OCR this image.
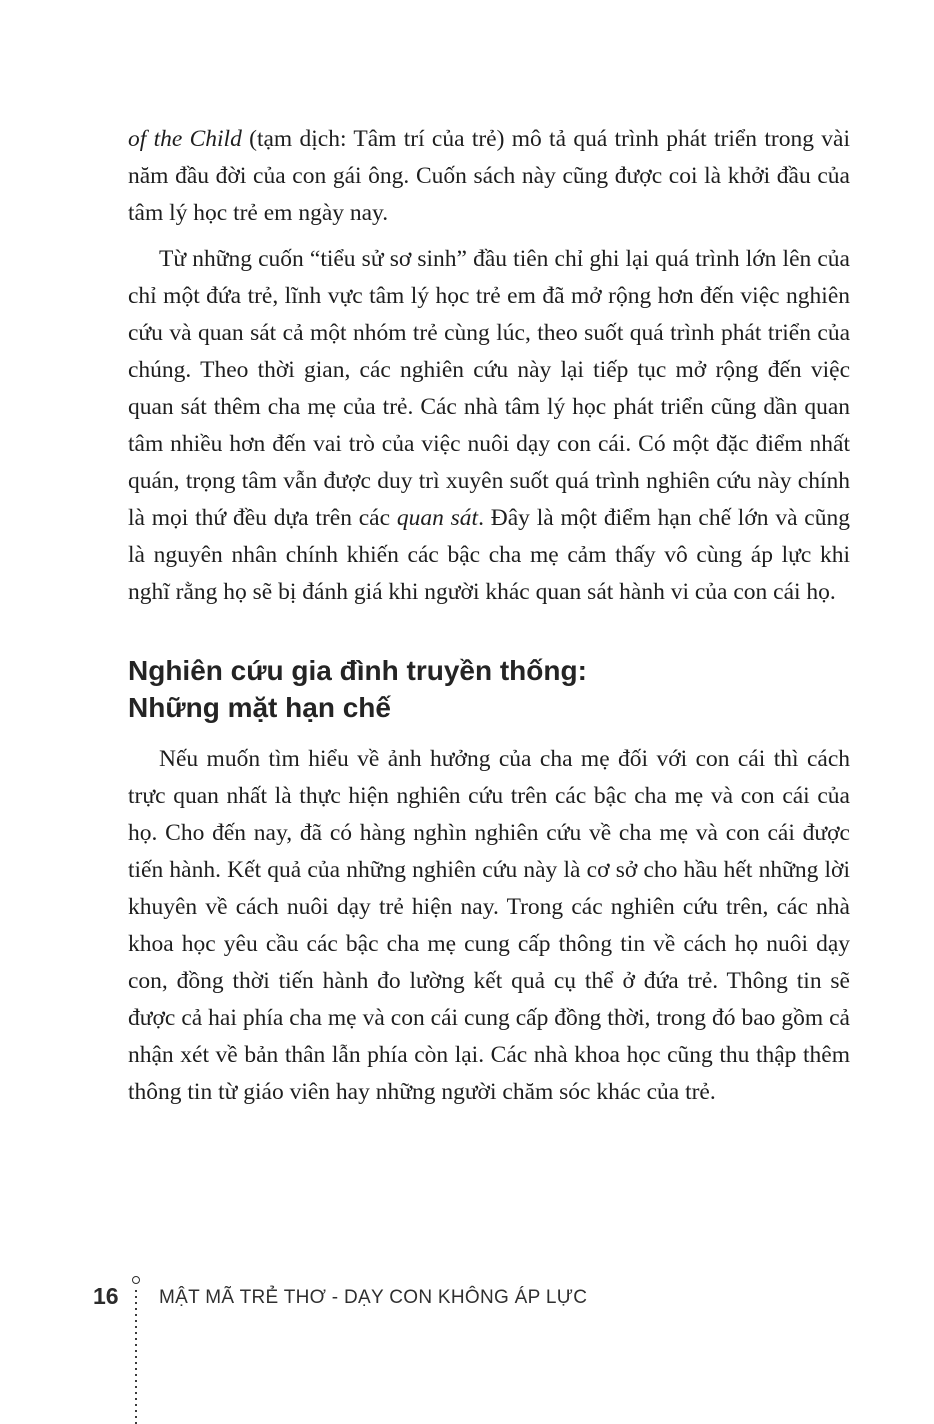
of the Child (tạm dịch: Tâm trí của trẻ) mô tả quá trình phát triển trong vài năm đầu đời của con gái ông. Cuốn sách này cũng được coi là khởi đầu của tâm lý học trẻ em ngày nay.

Từ những cuốn “tiểu sử sơ sinh” đầu tiên chỉ ghi lại quá trình lớn lên của chỉ một đứa trẻ, lĩnh vực tâm lý học trẻ em đã mở rộng hơn đến việc nghiên cứu và quan sát cả một nhóm trẻ cùng lúc, theo suốt quá trình phát triển của chúng. Theo thời gian, các nghiên cứu này lại tiếp tục mở rộng đến việc quan sát thêm cha mẹ của trẻ. Các nhà tâm lý học phát triển cũng dần quan tâm nhiều hơn đến vai trò của việc nuôi dạy con cái. Có một đặc điểm nhất quán, trọng tâm vẫn được duy trì xuyên suốt quá trình nghiên cứu này chính là mọi thứ đều dựa trên các quan sát. Đây là một điểm hạn chế lớn và cũng là nguyên nhân chính khiến các bậc cha mẹ cảm thấy vô cùng áp lực khi nghĩ rằng họ sẽ bị đánh giá khi người khác quan sát hành vi của con cái họ.

Nghiên cứu gia đình truyền thống:
Những mặt hạn chế

Nếu muốn tìm hiểu về ảnh hưởng của cha mẹ đối với con cái thì cách trực quan nhất là thực hiện nghiên cứu trên các bậc cha mẹ và con cái của họ. Cho đến nay, đã có hàng nghìn nghiên cứu về cha mẹ và con cái được tiến hành. Kết quả của những nghiên cứu này là cơ sở cho hầu hết những lời khuyên về cách nuôi dạy trẻ hiện nay. Trong các nghiên cứu trên, các nhà khoa học yêu cầu các bậc cha mẹ cung cấp thông tin về cách họ nuôi dạy con, đồng thời tiến hành đo lường kết quả cụ thể ở đứa trẻ. Thông tin sẽ được cả hai phía cha mẹ và con cái cung cấp đồng thời, trong đó bao gồm cả nhận xét về bản thân lẫn phía còn lại. Các nhà khoa học cũng thu thập thêm thông tin từ giáo viên hay những người chăm sóc khác của trẻ.

16 MẬT MÃ TRẺ THƠ - DẠY CON KHÔNG ÁP LỰC
